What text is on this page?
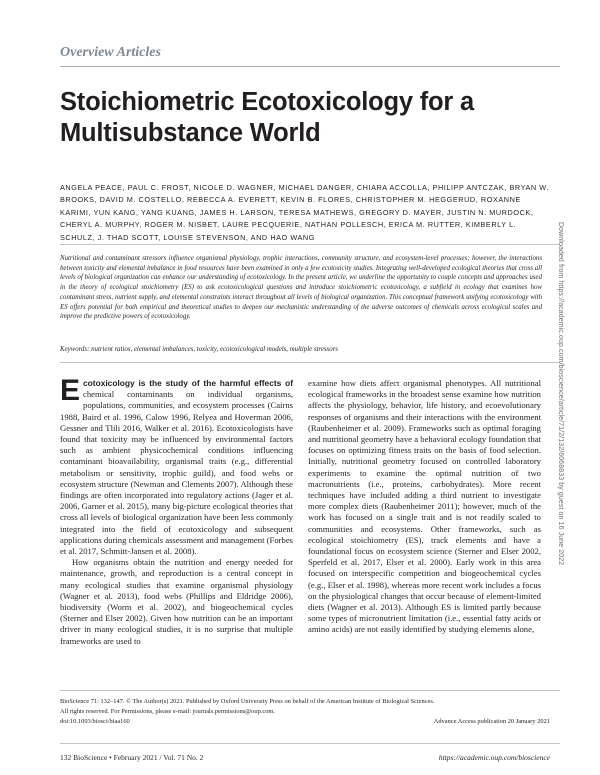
Overview Articles
Stoichiometric Ecotoxicology for a Multisubstance World
ANGELA PEACE, PAUL C. FROST, NICOLE D. WAGNER, MICHAEL DANGER, CHIARA ACCOLLA, PHILIPP ANTCZAK, BRYAN W. BROOKS, DAVID M. COSTELLO, REBECCA A. EVERETT, KEVIN B. FLORES, CHRISTOPHER M. HEGGERUD, ROXANNE KARIMI, YUN KANG, YANG KUANG, JAMES H. LARSON, TERESA MATHEWS, GREGORY D. MAYER, JUSTIN N. MURDOCK, CHERYL A. MURPHY, ROGER M. NISBET, LAURE PECQUERIE, NATHAN POLLESCH, ERICA M. RUTTER, KIMBERLY L. SCHULZ, J. THAD SCOTT, LOUISE STEVENSON, AND HAO WANG
Nutritional and contaminant stressors influence organismal physiology, trophic interactions, community structure, and ecosystem-level processes; however, the interactions between toxicity and elemental imbalance in food resources have been examined in only a few ecotoxicity studies. Integrating well-developed ecological theories that cross all levels of biological organization can enhance our understanding of ecotoxicology. In the present article, we underline the opportunity to couple concepts and approaches used in the theory of ecological stoichiometry (ES) to ask ecotoxicological questions and introduce stoichiometric ecotoxicology, a subfield in ecology that examines how contaminant stress, nutrient supply, and elemental constraints interact throughout all levels of biological organization. This conceptual framework unifying ecotoxicology with ES offers potential for both empirical and theoretical studies to deepen our mechanistic understanding of the adverse outcomes of chemicals across ecological scales and improve the predictive powers of ecotoxicology.
Keywords: nutrient ratios, elemental imbalances, toxicity, ecotoxicological models, multiple stressors	Downloaded from https://academic.oup.com/bioscience/article/71/2/132/6068833 by guest on 16 June 2022

Ecotoxicology is the study of the harmful effects of chemical contaminants on individual organisms, populations, communities, and ecosystem processes (Cairns 1988, Baird et al. 1996, Calow 1996, Relyea and Hoverman 2006, Gessner and Tlili 2016, Walker et al. 2016). Ecotoxicologists have found that toxicity may be influenced by environmental factors such as ambient physicochemical conditions influencing contaminant bioavailability, organismal traits (e.g., differential metabolism or sensitivity, trophic guild), and food webs or ecosystem structure (Newman and Clements 2007). Although these findings are often incorporated into regulatory actions (Jager et al. 2006, Garner et al. 2015), many big-picture ecological theories that cross all levels of biological organization have been less commonly integrated into the field of ecotoxicology and subsequent applications during chemicals assessment and management (Forbes et al. 2017, Schmitt-Jansen et al. 2008).

How organisms obtain the nutrition and energy needed for maintenance, growth, and reproduction is a central concept in many ecological studies that examine organismal physiology (Wagner et al. 2013), food webs (Phillips and Eldridge 2006), biodiversity (Worm et al. 2002), and biogeochemical cycles (Sterner and Elser 2002). Given how nutrition can be an important driver in many ecological studies, it is no surprise that multiple frameworks are used to

examine how diets affect organismal phenotypes. All nutritional ecological frameworks in the broadest sense examine how nutrition affects the physiology, behavior, life history, and ecoevolutionary responses of organisms and their interactions with the environment (Raubenheimer et al. 2009). Frameworks such as optimal foraging and nutritional geometry have a behavioral ecology foundation that focuses on optimizing fitness traits on the basis of food selection. Initially, nutritional geometry focused on controlled laboratory experiments to examine the optimal nutrition of two macronutrients (i.e., proteins, carbohydrates). More recent techniques have included adding a third nutrient to investigate more complex diets (Raubenheimer 2011); however, much of the work has focused on a single trait and is not readily scaled to communities and ecosystems. Other frameworks, such as ecological stoichiometry (ES), track elements and have a foundational focus on ecosystem science (Sterner and Elser 2002, Sperfeld et al. 2017, Elser et al. 2000). Early work in this area focused on interspecific competition and biogeochemical cycles (e.g., Elser et al. 1998), whereas more recent work includes a focus on the physiological changes that occur because of element-limited diets (Wagner et al. 2013). Although ES is limited partly because some types of micronutrient limitation (i.e., essential fatty acids or amino acids) are not easily identified by studying elements alone,

BioScience 71: 132–147. © The Author(s) 2021. Published by Oxford University Press on behalf of the American Institute of Biological Sciences.
All rights reserved. For Permissions, please e-mail: journals.permissions@oup.com.
doi:10.1093/biosci/biaa160	Advance Access publication 20 January 2021
132 BioScience • February 2021 / Vol. 71 No. 2	https://academic.oup.com/bioscience
